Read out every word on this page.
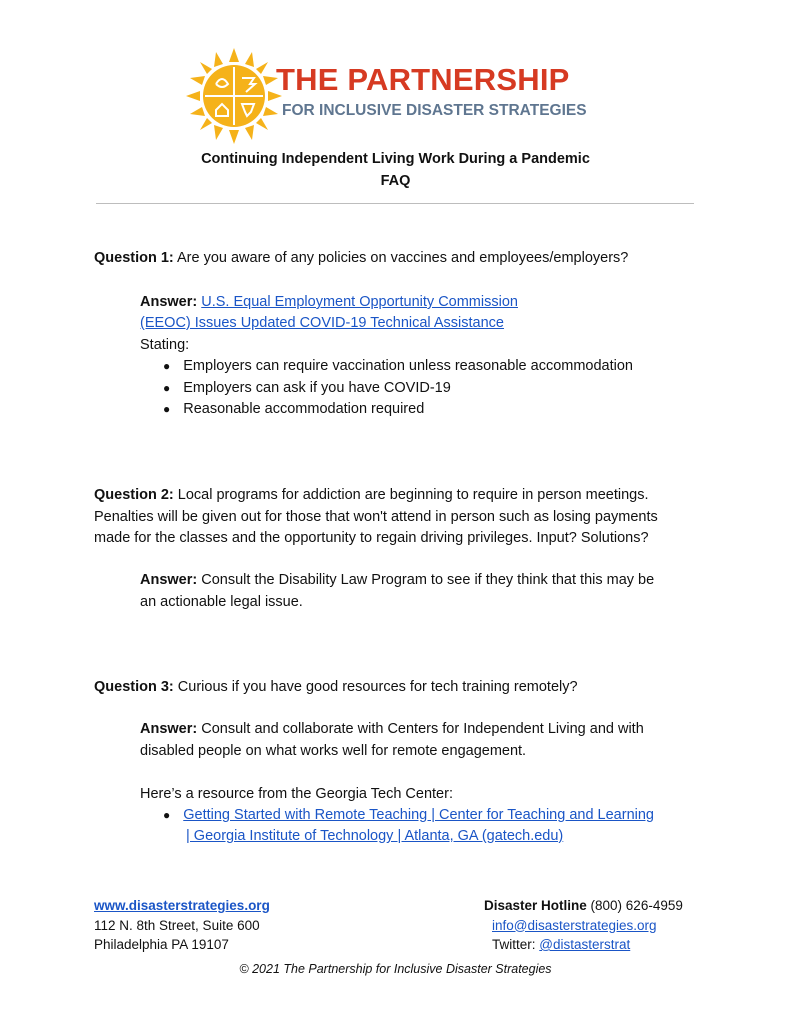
THE PARTNERSHIP
FOR INCLUSIVE DISASTER STRATEGIES
Continuing Independent Living Work During a Pandemic
FAQ
Question 1: Are you aware of any policies on vaccines and employees/employers?
Answer: U.S. Equal Employment Opportunity Commission
(EEOC) Issues Updated COVID-19 Technical Assistance
Stating:
● Employers can require vaccination unless reasonable accommodation
● Employers can ask if you have COVID-19
● Reasonable accommodation required
Question 2: Local programs for addiction are beginning to require in person meetings.
Penalties will be given out for those that won't attend in person such as losing payments
made for the classes and the opportunity to regain driving privileges. Input? Solutions?
Answer: Consult the Disability Law Program to see if they think that this may be
an actionable legal issue.
Question 3: Curious if you have good resources for tech training remotely?
Answer: Consult and collaborate with Centers for Independent Living and with
disabled people on what works well for remote engagement.
Here’s a resource from the Georgia Tech Center:
● Getting Started with Remote Teaching | Center for Teaching and Learning
| Georgia Institute of Technology | Atlanta, GA (gatech.edu)
www.disasterstrategies.org
112 N. 8th Street, Suite 600
Philadelphia PA 19107
Disaster Hotline (800) 626-4959
info@disasterstrategies.org
Twitter: @distasterstrat
© 2021 The Partnership for Inclusive Disaster Strategies
